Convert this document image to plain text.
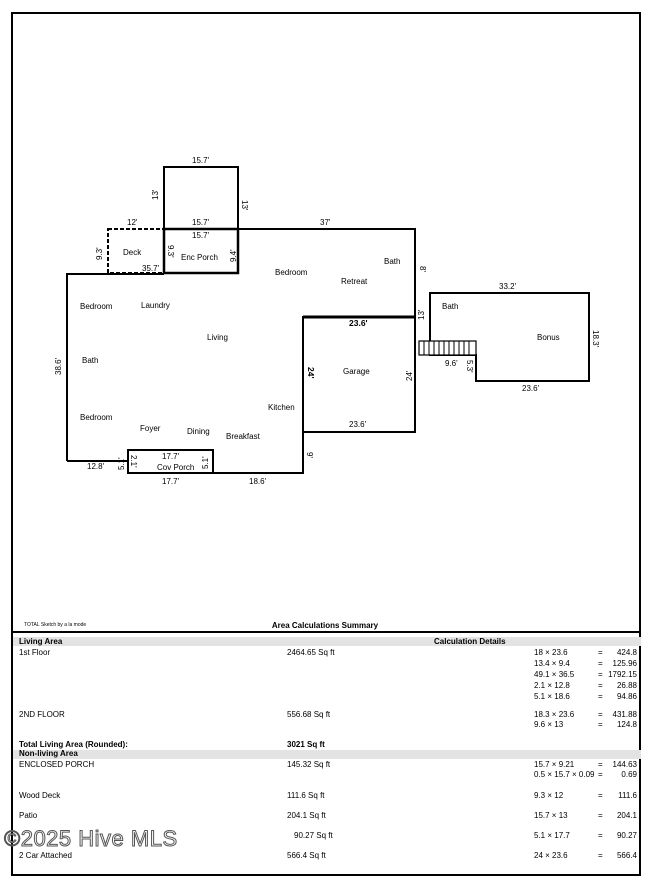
Deck
Enc Porch
Bedroom
Retreat
Bath
Bedroom	Laundry
Living
Bath
Bedroom
Foyer	Dining
Breakfast
Kitchen
Garage
Cov Porch
Bath
Bonus
15.7'
13'
13'
12'	15.7'	37'
15.7'
9.3'	9.3'	9.4'
35.7'	8'
23.6'
13'
38.6'	24'	24'
23.6'
9'
17.7'
2.1'
5.1'	5.1'
12.8'
17.7'	18.6'
33.2'
18.3'
9.6' 5.3'
23.6'
TOTAL Sketch by a la mode	Area Calculations Summary
Living Area	Calculation Details
1st Floor	2464.65 Sq ft	18 × 23.6	= 424.8
13.4 × 9.4	= 125.96
49.1 × 36.5	= 1792.15
2.1 × 12.8	= 26.88
5.1 × 18.6	= 94.86
2ND FLOOR	556.68 Sq ft	18.3 × 23.6	= 431.88
9.6 × 13	= 124.8
Total Living Area (Rounded):	3021 Sq ft
Non-living Area
ENCLOSED PORCH	145.32 Sq ft	15.7 × 9.21	= 144.63
0.5 × 15.7 × 0.09 = 0.69
Wood Deck	111.6 Sq ft	9.3 × 12	= 111.6
Patio	204.1 Sq ft	15.7 × 13	= 204.1
90.27 Sq ft	5.1 × 17.7	= 90.27
2 Car Attached	566.4 Sq ft	24 × 23.6	= 566.4
©2025 Hive MLS
